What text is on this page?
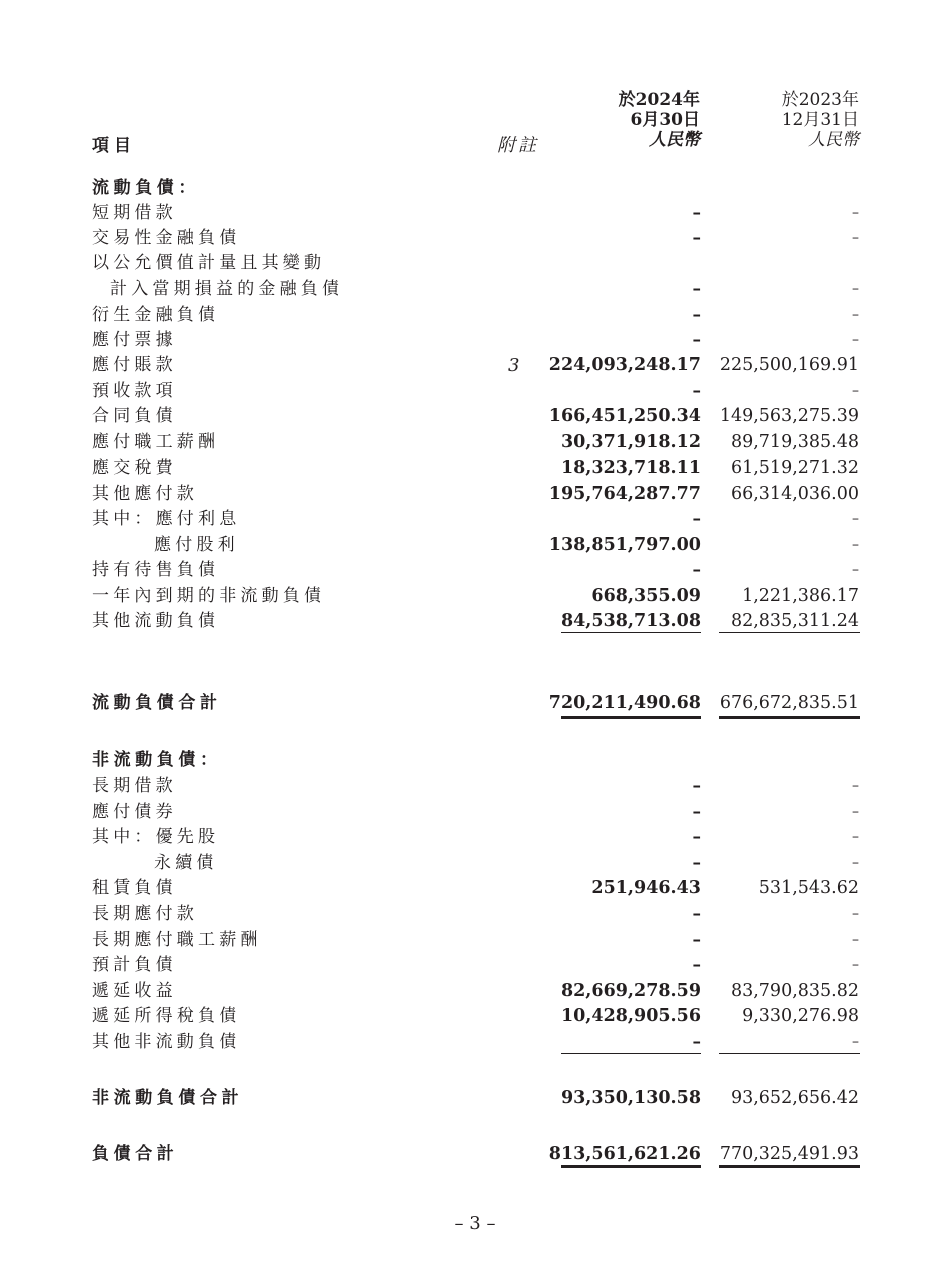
於2024年
6月30日
人民幣
於2023年
12月31日
人民幣
項目	附註
流動負債：
短期借款	–	–
交易性金融負債	–	–
以公允價值計量且其變動
計入當期損益的金融負債	–	–
衍生金融負債	–	–
應付票據	–	–
應付賬款	3 224,093,248.17 225,500,169.91
預收款項	–	–
合同負債	166,451,250.34 149,563,275.39
應付職工薪酬	30,371,918.12 89,719,385.48
應交稅費	18,323,718.11 61,519,271.32
其他應付款	195,764,287.77 66,314,036.00
其中：應付利息	–	–
應付股利	138,851,797.00	–
持有待售負債	–	–
一年內到期的非流動負債	668,355.09 1,221,386.17
其他流動負債	84,538,713.08 82,835,311.24
流動負債合計	720,211,490.68 676,672,835.51
非流動負債：
長期借款	–	–
應付債券	–	–
其中：優先股	–	–
永續債	–	–
租賃負債	251,946.43	531,543.62
長期應付款	–	–
長期應付職工薪酬	–	–
預計負債	–	–
遞延收益	82,669,278.59 83,790,835.82
遞延所得稅負債	10,428,905.56 9,330,276.98
其他非流動負債	–	–
非流動負債合計	93,350,130.58 93,652,656.42
負債合計	813,561,621.26 770,325,491.93
– 3 –
